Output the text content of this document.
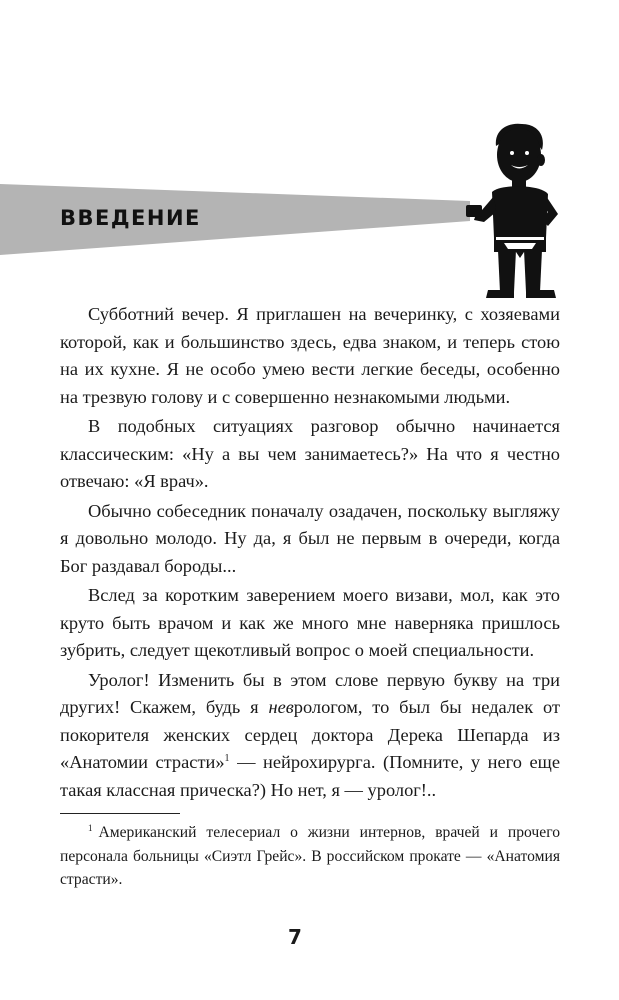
ВВЕДЕНИЕ

Субботний вечер. Я приглашен на вечеринку, с хозяевами которой, как и большинство здесь, едва знаком, и теперь стою на их кухне. Я не особо умею вести легкие беседы, особенно на трезвую голову и с совершенно незнакомыми людьми.

В подобных ситуациях разговор обычно начинается классическим: «Ну а вы чем занимаетесь?» На что я честно отвечаю: «Я врач».

Обычно собеседник поначалу озадачен, поскольку выгляжу я довольно молодо. Ну да, я был не первым в очереди, когда Бог раздавал бороды...

Вслед за коротким заверением моего визави, мол, как это круто быть врачом и как же много мне наверняка пришлось зубрить, следует щекотливый вопрос о моей специальности.

Уролог! Изменить бы в этом слове первую букву на три других! Скажем, будь я неврологом, то был бы недалек от покорителя женских сердец доктора Дерека Шепарда из «Анатомии страсти»$^1$ — нейрохирурга. (Помните, у него еще такая классная прическа?) Но нет, я — уролог!..

$^1$ Американский телесериал о жизни интернов, врачей и прочего персонала больницы «Сиэтл Грейс». В российском прокате — «Анатомия страсти».
7
